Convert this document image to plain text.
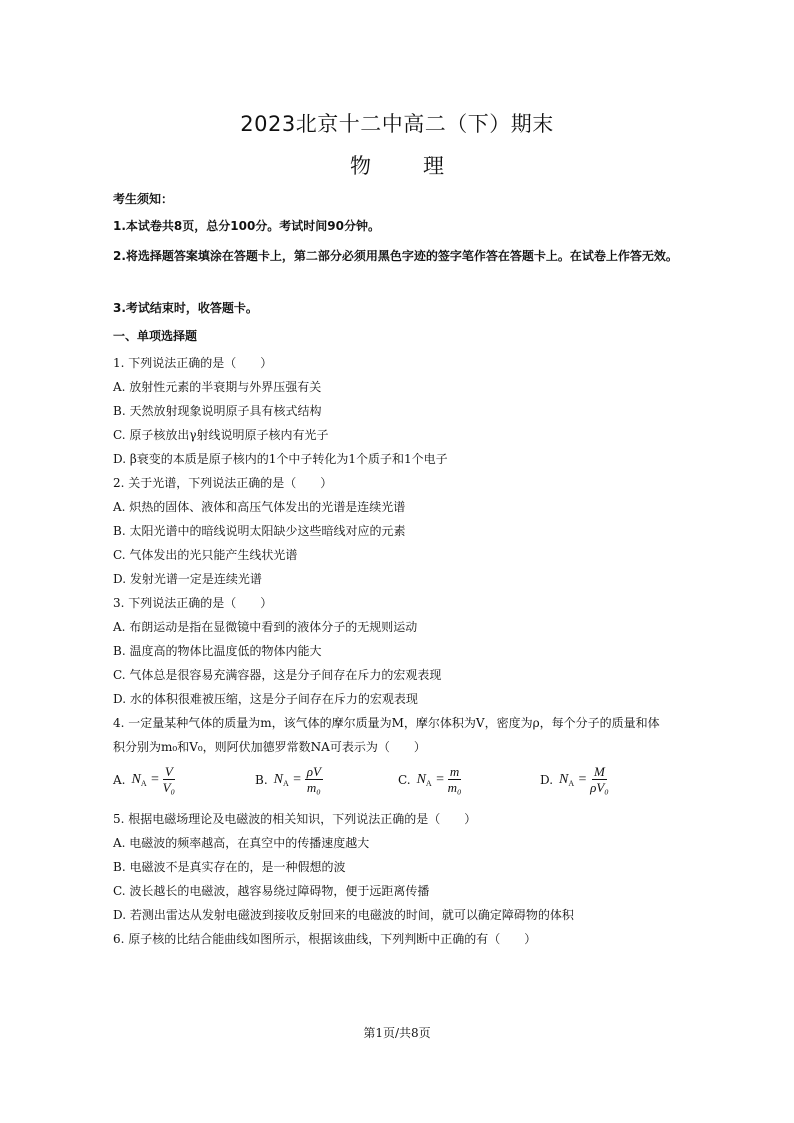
2023北京十二中高二（下）期末
物 理
考生须知：
1.本试卷共8页，总分100分。考试时间90分钟。
2.将选择题答案填涂在答题卡上，第二部分必须用黑色字迹的签字笔作答在答题卡上。在试卷上作答无效。
3.考试结束时，收答题卡。
一、单项选择题
1. 下列说法正确的是（　　）
A. 放射性元素的半衰期与外界压强有关
B. 天然放射现象说明原子具有核式结构
C. 原子核放出γ射线说明原子核内有光子
D. β衰变的本质是原子核内的1个中子转化为1个质子和1个电子
2. 关于光谱，下列说法正确的是（　　）
A. 炽热的固体、液体和高压气体发出的光谱是连续光谱
B. 太阳光谱中的暗线说明太阳缺少这些暗线对应的元素
C. 气体发出的光只能产生线状光谱
D. 发射光谱一定是连续光谱
3. 下列说法正确的是（　　）
A. 布朗运动是指在显微镜中看到的液体分子的无规则运动
B. 温度高的物体比温度低的物体内能大
C. 气体总是很容易充满容器，这是分子间存在斥力的宏观表现
D. 水的体积很难被压缩，这是分子间存在斥力的宏观表现
4. 一定量某种气体的质量为m，该气体的摩尔质量为M，摩尔体积为V，密度为ρ，每个分子的质量和体
积分别为m₀和V₀，则阿伏加德罗常数NA可表示为（　　）
A. $N_A = \frac{V}{\text{V₀}}$	B. $N_A = \frac{\rho V}{\text{m₀}}$	C. $N_A = \frac{m}{\text{m₀}}$	D. $N_A = \frac{M}{\text{ρV₀}}$
5. 根据电磁场理论及电磁波的相关知识，下列说法正确的是（　　）
A. 电磁波的频率越高，在真空中的传播速度越大
B. 电磁波不是真实存在的，是一种假想的波
C. 波长越长的电磁波，越容易绕过障碍物，便于远距离传播
D. 若测出雷达从发射电磁波到接收反射回来的电磁波的时间，就可以确定障碍物的体积
6. 原子核的比结合能曲线如图所示，根据该曲线，下列判断中正确的有（　　）
第1页/共8页
